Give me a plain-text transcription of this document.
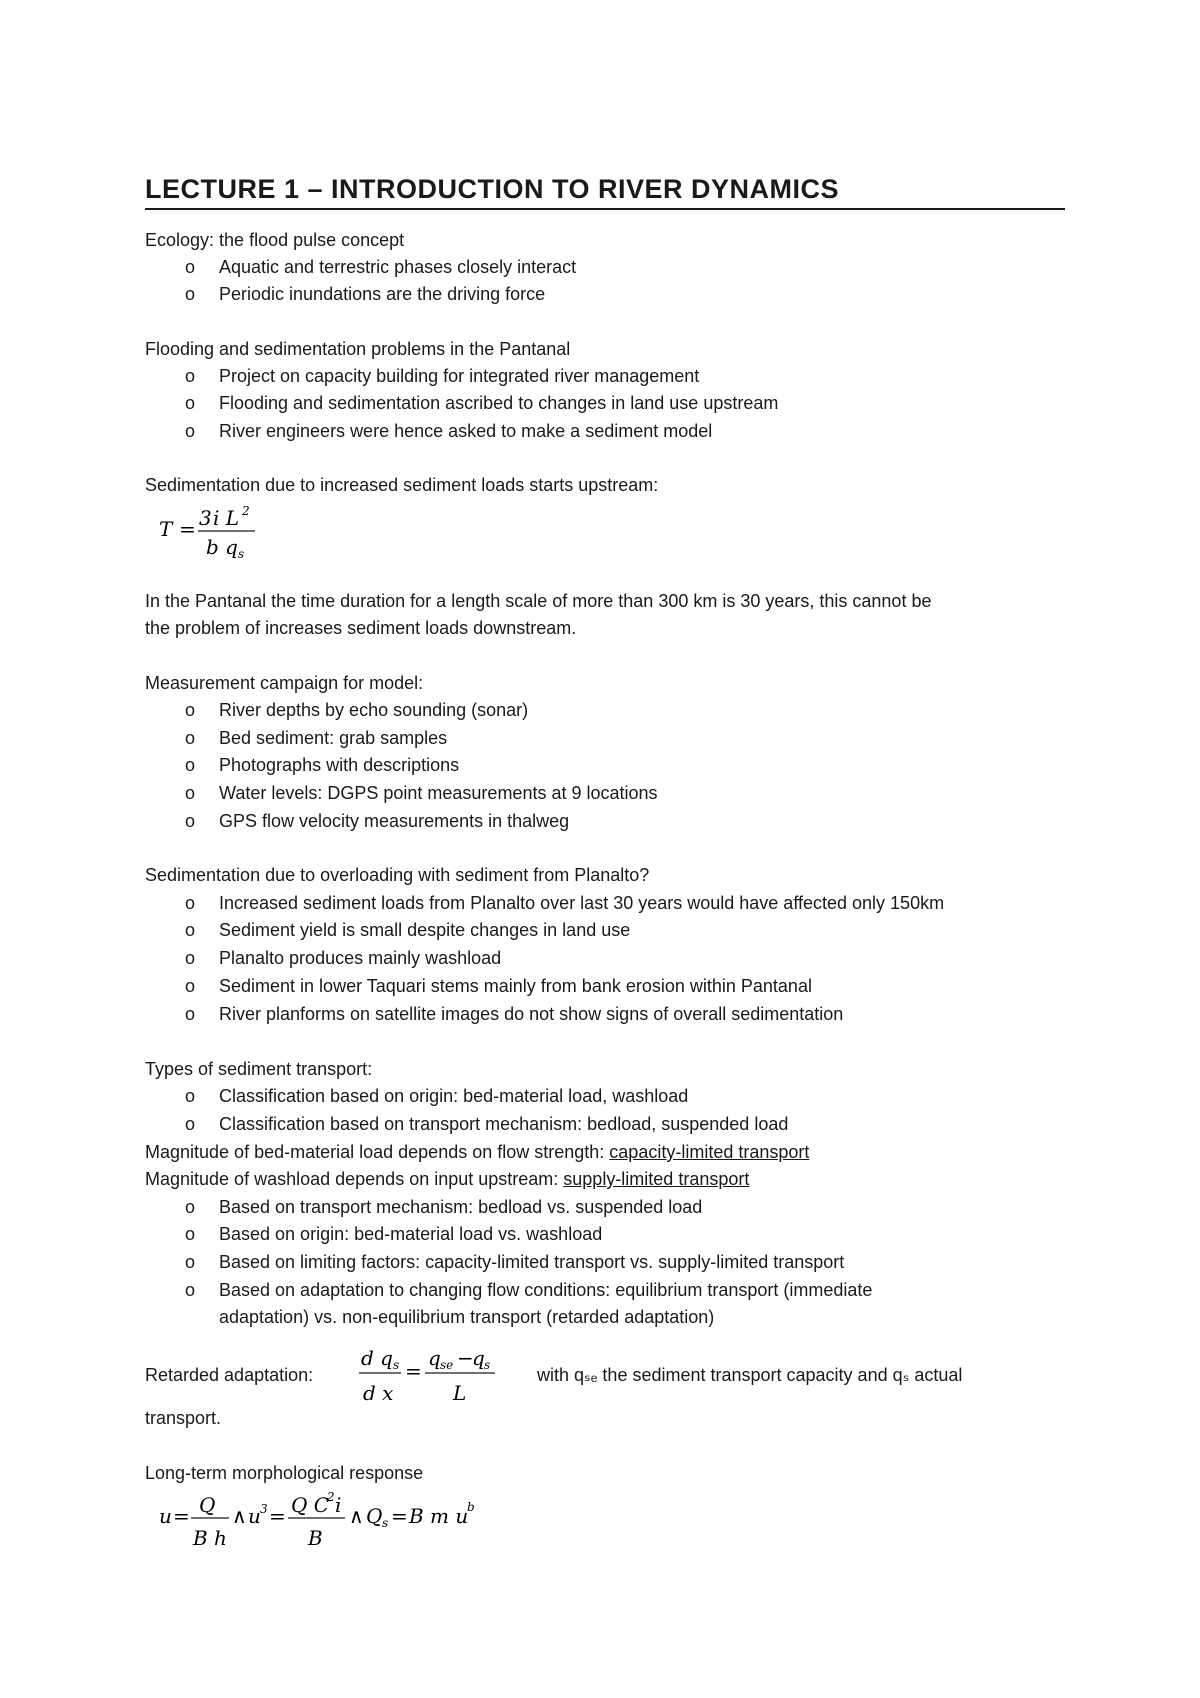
LECTURE 1 – INTRODUCTION TO RIVER DYNAMICS
Ecology: the flood pulse concept
o Aquatic and terrestric phases closely interact
o Periodic inundations are the driving force
Flooding and sedimentation problems in the Pantanal
o Project on capacity building for integrated river management
o Flooding and sedimentation ascribed to changes in land use upstream
o River engineers were hence asked to make a sediment model
Sedimentation due to increased sediment loads starts upstream:
T = 3 i L 2
b q s
In the Pantanal the time duration for a length scale of more than 300 km is 30 years, this cannot be
the problem of increases sediment loads downstream.
Measurement campaign for model:
o River depths by echo sounding (sonar)
o Bed sediment: grab samples
o Photographs with descriptions
o Water levels: DGPS point measurements at 9 locations
o GPS flow velocity measurements in thalweg
Sedimentation due to overloading with sediment from Planalto?
o Increased sediment loads from Planalto over last 30 years would have affected only 150km
o Sediment yield is small despite changes in land use
o Planalto produces mainly washload
o Sediment in lower Taquari stems mainly from bank erosion within Pantanal
o River planforms on satellite images do not show signs of overall sedimentation
Types of sediment transport:
o Classification based on origin: bed-material load, washload
o Classification based on transport mechanism: bedload, suspended load
Magnitude of bed-material load depends on flow strength: capacity-limited transport
Magnitude of washload depends on input upstream: supply-limited transport
o Based on transport mechanism: bedload vs. suspended load
o Based on origin: bed-material load vs. washload
o Based on limiting factors: capacity-limited transport vs. supply-limited transport
o Based on adaptation to changing flow conditions: equilibrium transport (immediate
adaptation) vs. non-equilibrium transport (retarded adaptation)
Retarded adaptation:
d q s
d x
=
q se −
q s
L
with qₛₑ the sediment transport capacity and qₛ actual
transport.
Long-term morphological response
u = Q
B h
∧ u 3 = Q C
2 i
B
∧ Q s = B m u
b
